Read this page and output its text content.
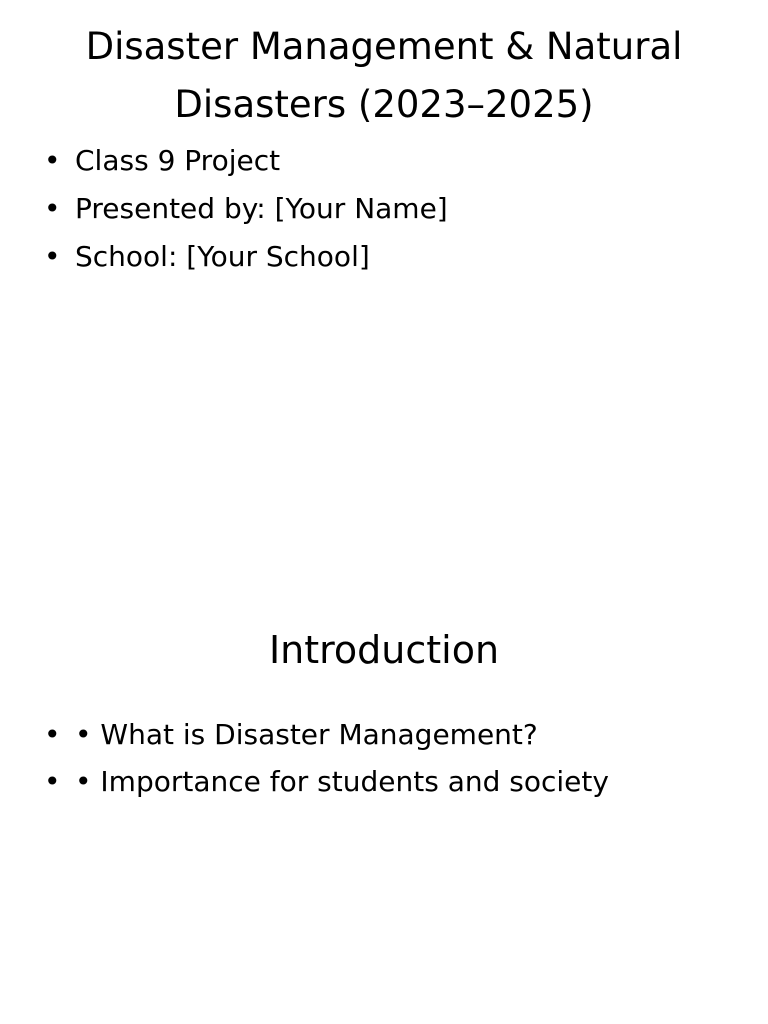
Disaster Management & Natural Disasters (2023–2025)
• Class 9 Project
• Presented by: [Your Name]
• School: [Your School]
Introduction
• • What is Disaster Management?
• • Importance for students and society
